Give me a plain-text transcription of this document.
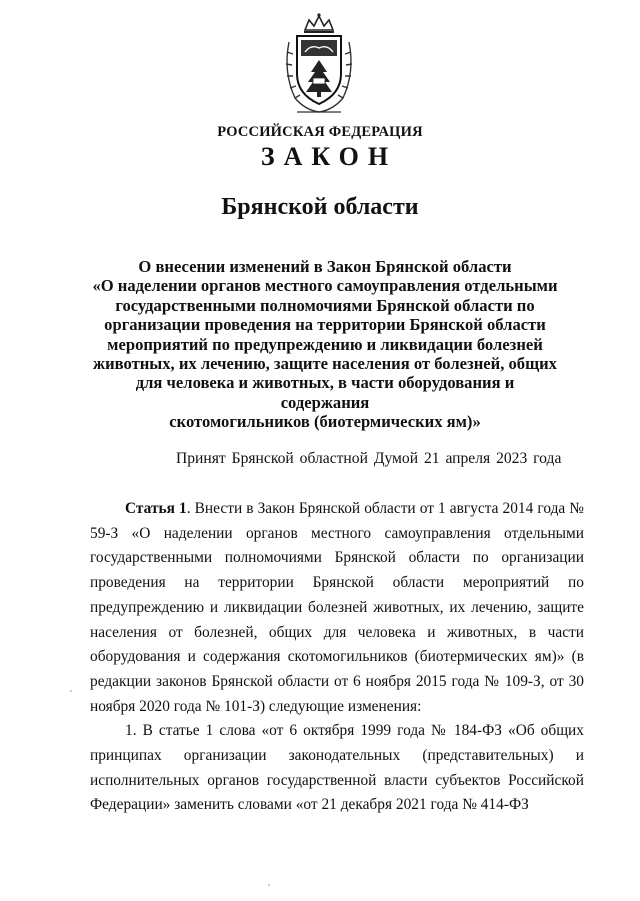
РОССИЙСКАЯ ФЕДЕРАЦИЯ
ЗАКОН
Брянской области
О внесении изменений в Закон Брянской области
«О наделении органов местного самоуправления отдельными
государственными полномочиями Брянской области по
организации проведения на территории Брянской области
мероприятий по предупреждению и ликвидации болезней
животных, их лечению, защите населения от болезней, общих
для человека и животных, в части оборудования и содержания
скотомогильников (биотермических ям)»
Принят Брянской областной Думой 21 апреля 2023 года

Статья 1. Внести в Закон Брянской области от 1 августа 2014 года № 59-З «О наделении органов местного самоуправления отдельными государственными полномочиями Брянской области по организации проведения на территории Брянской области мероприятий по предупреждению и ликвидации болезней животных, их лечению, защите населения от болезней, общих для человека и животных, в части оборудования и содержания скотомогильников (биотермических ям)» (в редакции законов Брянской области от 6 ноября 2015 года № 109-З, от 30 ноября 2020 года № 101-З) следующие изменения:

1. В статье 1 слова «от 6 октября 1999 года № 184-ФЗ «Об общих принципах организации законодательных (представительных) и исполнительных органов государственной власти субъектов Российской Федерации» заменить словами «от 21 декабря 2021 года № 414-ФЗ
